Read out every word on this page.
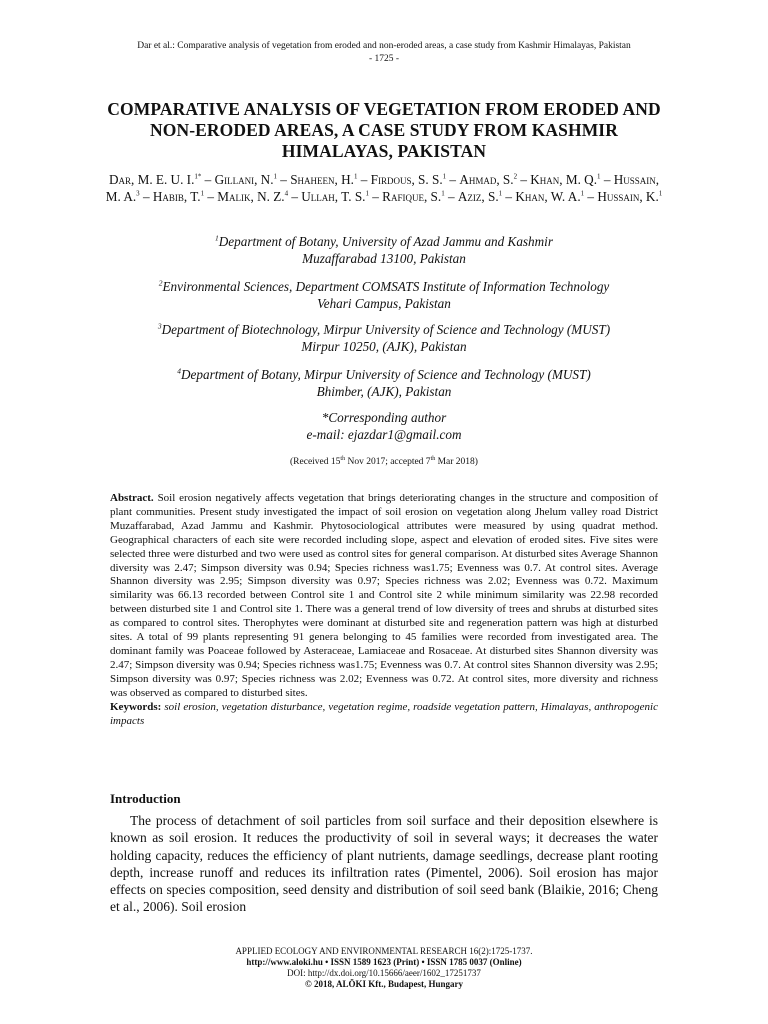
Dar et al.: Comparative analysis of vegetation from eroded and non-eroded areas, a case study from Kashmir Himalayas, Pakistan
- 1725 -
COMPARATIVE ANALYSIS OF VEGETATION FROM ERODED AND NON-ERODED AREAS, A CASE STUDY FROM KASHMIR HIMALAYAS, PAKISTAN
Dar, M. E. U. I.$^{1*}$ – Gillani, N.$^1$ – Shaheen, H.$^1$ – Firdous, S. S.$^1$ – Ahmad, S.$^2$ – Khan, M. Q.$^1$ – Hussain, M. A.$^3$ – Habib, T.$^1$ – Malik, N. Z.$^4$ – Ullah, T. S.$^1$ – Rafique, S.$^1$ – Aziz, S.$^1$ – Khan, W. A.$^1$ – Hussain, K.$^1$
$^1$Department of Botany, University of Azad Jammu and Kashmir
Muzaffarabad 13100, Pakistan
$^2$Environmental Sciences, Department COMSATS Institute of Information Technology
Vehari Campus, Pakistan
$^3$Department of Biotechnology, Mirpur University of Science and Technology (MUST)
Mirpur 10250, (AJK), Pakistan
$^4$Department of Botany, Mirpur University of Science and Technology (MUST)
Bhimber, (AJK), Pakistan
*Corresponding author
e-mail: ejazdar1@gmail.com
(Received 15th Nov 2017; accepted 7th Mar 2018)
Abstract. Soil erosion negatively affects vegetation that brings deteriorating changes in the structure and composition of plant communities. Present study investigated the impact of soil erosion on vegetation along Jhelum valley road District Muzaffarabad, Azad Jammu and Kashmir. Phytosociological attributes were measured by using quadrat method. Geographical characters of each site were recorded including slope, aspect and elevation of eroded sites. Five sites were selected three were disturbed and two were used as control sites for general comparison. At disturbed sites Average Shannon diversity was 2.47; Simpson diversity was 0.94; Species richness was1.75; Evenness was 0.7. At control sites. Average Shannon diversity was 2.95; Simpson diversity was 0.97; Species richness was 2.02; Evenness was 0.72. Maximum similarity was 66.13 recorded between Control site 1 and Control site 2 while minimum similarity was 22.98 recorded between disturbed site 1 and Control site 1. There was a general trend of low diversity of trees and shrubs at disturbed sites as compared to control sites. Therophytes were dominant at disturbed site and regeneration pattern was high at disturbed sites. A total of 99 plants representing 91 genera belonging to 45 families were recorded from investigated area. The dominant family was Poaceae followed by Asteraceae, Lamiaceae and Rosaceae. At disturbed sites Shannon diversity was 2.47; Simpson diversity was 0.94; Species richness was1.75; Evenness was 0.7. At control sites Shannon diversity was 2.95; Simpson diversity was 0.97; Species richness was 2.02; Evenness was 0.72. At control sites, more diversity and richness was observed as compared to disturbed sites.
Keywords: soil erosion, vegetation disturbance, vegetation regime, roadside vegetation pattern, Himalayas, anthropogenic impacts
Introduction

The process of detachment of soil particles from soil surface and their deposition elsewhere is known as soil erosion. It reduces the productivity of soil in several ways; it decreases the water holding capacity, reduces the efficiency of plant nutrients, damage seedlings, decrease plant rooting depth, increase runoff and reduces its infiltration rates (Pimentel, 2006). Soil erosion has major effects on species composition, seed density and distribution of soil seed bank (Blaikie, 2016; Cheng et al., 2006). Soil erosion

APPLIED ECOLOGY AND ENVIRONMENTAL RESEARCH 16(2):1725-1737.
http://www.aloki.hu • ISSN 1589 1623 (Print) • ISSN 1785 0037 (Online)
DOI: http://dx.doi.org/10.15666/aeer/1602_17251737
© 2018, ALÖKI Kft., Budapest, Hungary
